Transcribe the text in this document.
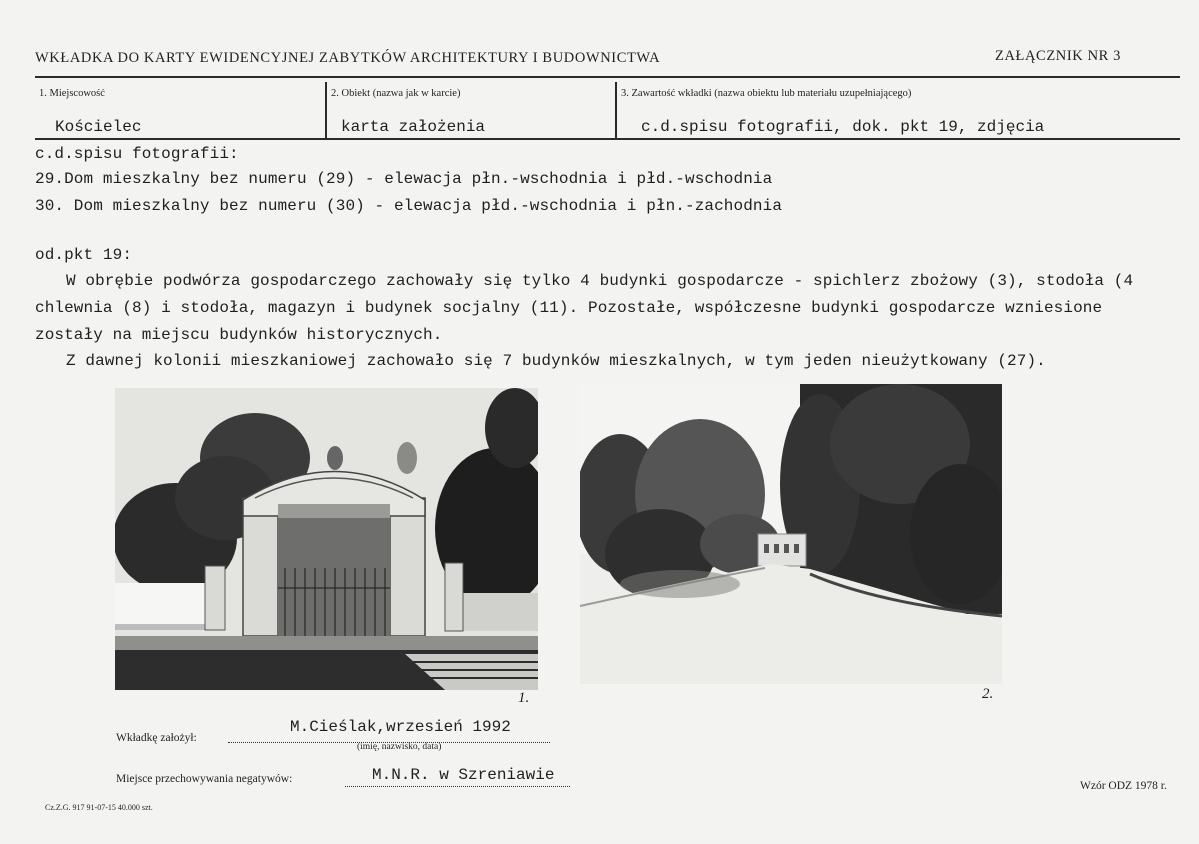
WKŁADKA DO KARTY EWIDENCYJNEJ ZABYTKÓW ARCHITEKTURY I BUDOWNICTWA	ZAŁĄCZNIK NR 3
1. Miejscowość
Kościelec
2. Obiekt (nazwa jak w karcie)
karta założenia
3. Zawartość wkładki (nazwa obiektu lub materiału uzupełniającego)
c.d.spisu fotografii, dok. pkt 19, zdjęcia
c.d.spisu fotografii:
29.Dom mieszkalny bez numeru (29) - elewacja płn.-wschodnia i płd.-wschodnia
30. Dom mieszkalny bez numeru (30) - elewacja płd.-wschodnia i płn.-zachodnia
od.pkt 19:
W obrębie podwórza gospodarczego zachowały się tylko 4 budynki gospodarcze - spichlerz zbożowy (3), stodoła (4
chlewnia (8) i stodoła, magazyn i budynek socjalny (11). Pozostałe, współczesne budynki gospodarcze wzniesione
zostały na miejscu budynków historycznych.
Z dawnej kolonii mieszkaniowej zachowało się 7 budynków mieszkalnych, w tym jeden nieużytkowany (27).
1.	2.
Wkładkę założył:
M.Cieślak,wrzesień 1992
(imię, nazwisko, data)
Miejsce przechowywania negatywów:	M.N.R. w Szreniawie
Wzór ODZ 1978 r.
Cz.Z.G. 917 91-07-15 40.000 szt.
